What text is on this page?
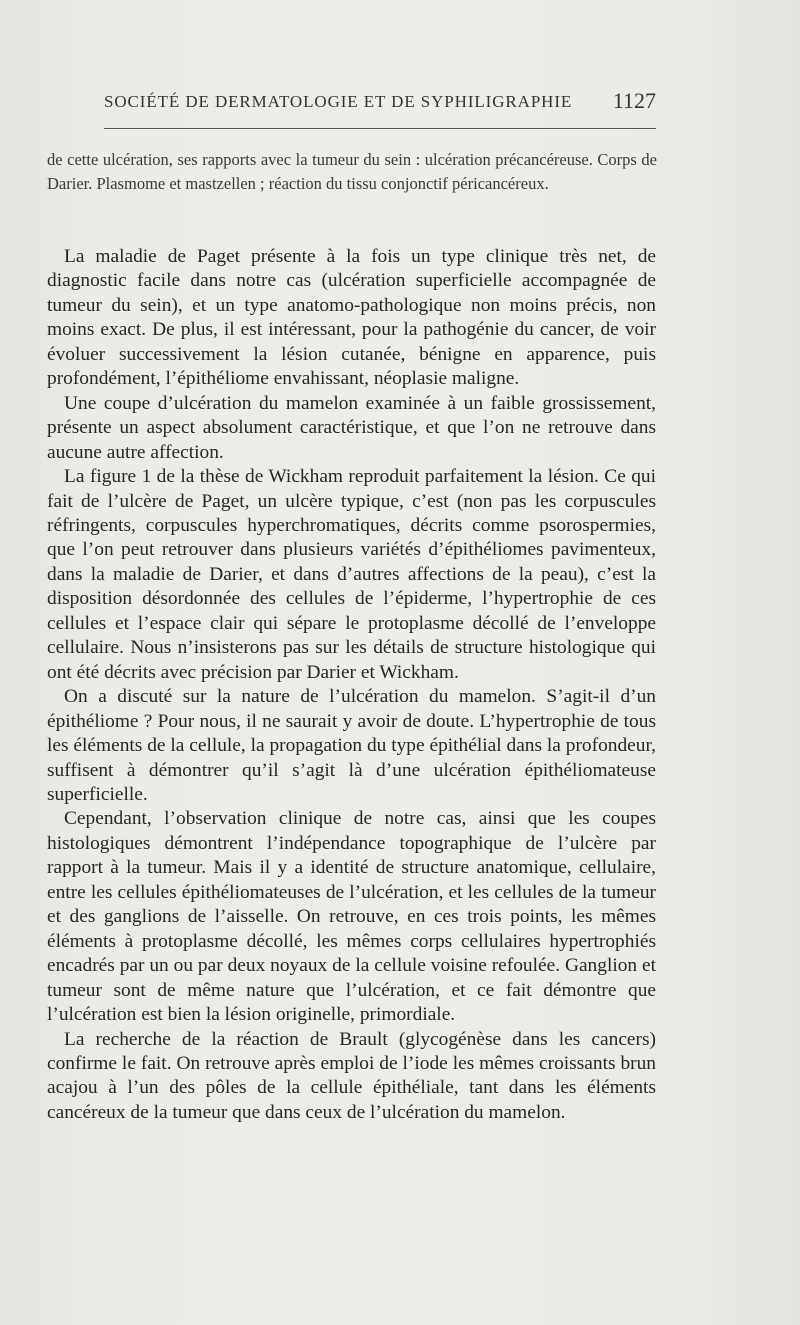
SOCIÉTÉ DE DERMATOLOGIE ET DE SYPHILIGRAPHIE 1127
de cette ulcération, ses rapports avec la tumeur du sein : ulcération précancéreuse. Corps de Darier. Plasmome et mastzellen ; réaction du tissu conjonctif péricancéreux.

La maladie de Paget présente à la fois un type clinique très net, de diagnostic facile dans notre cas (ulcération superficielle accompagnée de tumeur du sein), et un type anatomo-pathologique non moins précis, non moins exact. De plus, il est intéressant, pour la pathogénie du cancer, de voir évoluer successivement la lésion cutanée, bénigne en apparence, puis profondément, l’épithéliome envahissant, néoplasie maligne.

Une coupe d’ulcération du mamelon examinée à un faible grossissement, présente un aspect absolument caractéristique, et que l’on ne retrouve dans aucune autre affection.

La figure 1 de la thèse de Wickham reproduit parfaitement la lésion. Ce qui fait de l’ulcère de Paget, un ulcère typique, c’est (non pas les corpuscules réfringents, corpuscules hyperchromatiques, décrits comme psorospermies, que l’on peut retrouver dans plusieurs variétés d’épithéliomes pavimenteux, dans la maladie de Darier, et dans d’autres affections de la peau), c’est la disposition désordonnée des cellules de l’épiderme, l’hypertrophie de ces cellules et l’espace clair qui sépare le protoplasme décollé de l’enveloppe cellulaire. Nous n’insisterons pas sur les détails de structure histologique qui ont été décrits avec précision par Darier et Wickham.

On a discuté sur la nature de l’ulcération du mamelon. S’agit-il d’un épithéliome ? Pour nous, il ne saurait y avoir de doute. L’hypertrophie de tous les éléments de la cellule, la propagation du type épithélial dans la profondeur, suffisent à démontrer qu’il s’agit là d’une ulcération épithéliomateuse superficielle.

Cependant, l’observation clinique de notre cas, ainsi que les coupes histologiques démontrent l’indépendance topographique de l’ulcère par rapport à la tumeur. Mais il y a identité de structure anatomique, cellulaire, entre les cellules épithéliomateuses de l’ulcération, et les cellules de la tumeur et des ganglions de l’aisselle. On retrouve, en ces trois points, les mêmes éléments à protoplasme décollé, les mêmes corps cellulaires hypertrophiés encadrés par un ou par deux noyaux de la cellule voisine refoulée. Ganglion et tumeur sont de même nature que l’ulcération, et ce fait démontre que l’ulcération est bien la lésion originelle, primordiale.

La recherche de la réaction de Brault (glycogénèse dans les cancers) confirme le fait. On retrouve après emploi de l’iode les mêmes croissants brun acajou à l’un des pôles de la cellule épithéliale, tant dans les éléments cancéreux de la tumeur que dans ceux de l’ulcération du mamelon.
